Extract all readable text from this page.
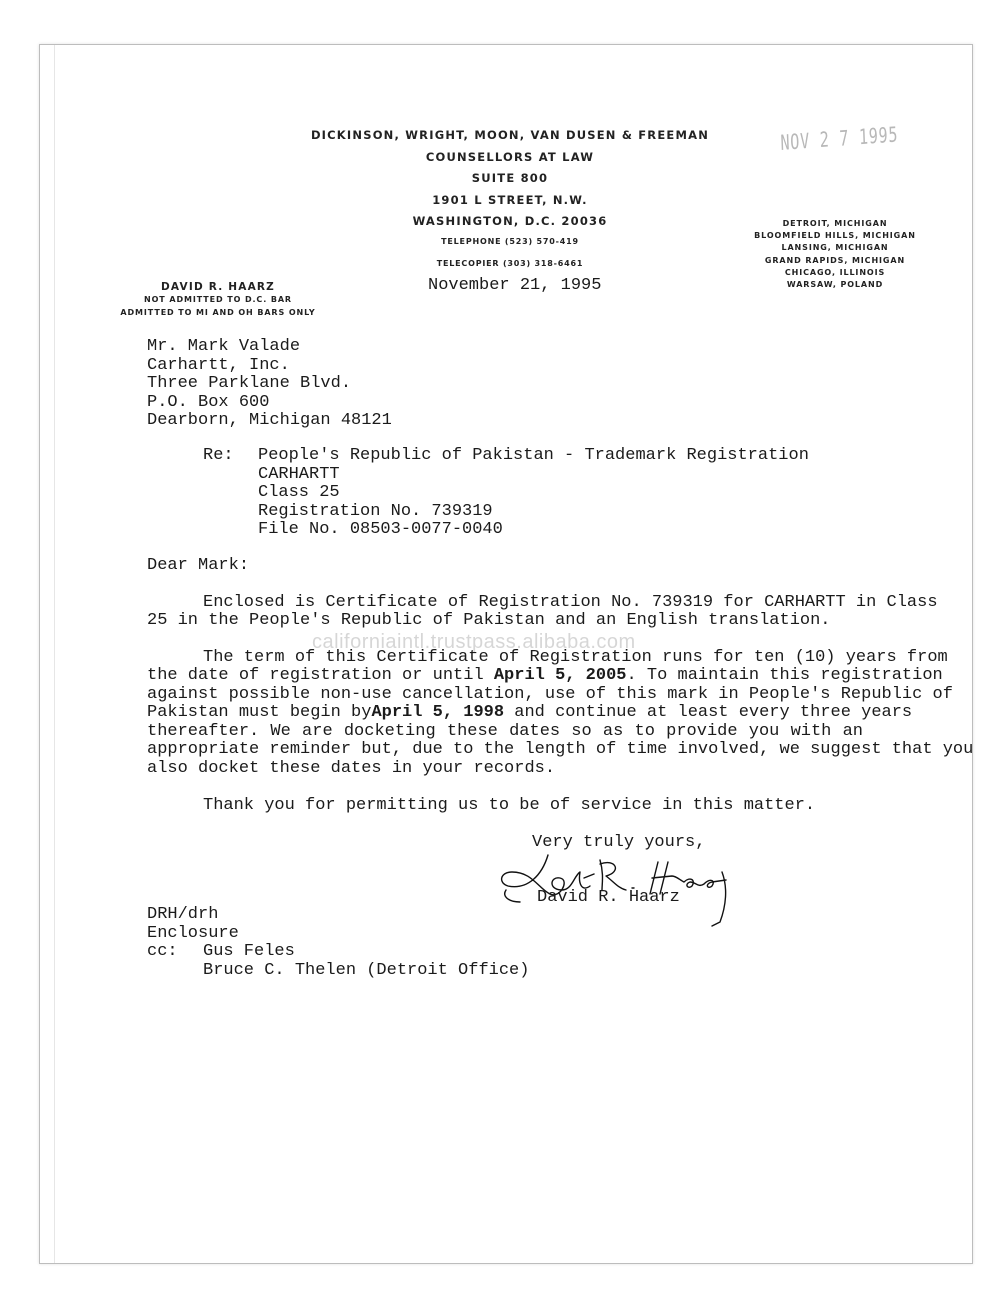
DICKINSON, WRIGHT, MOON, VAN DUSEN & FREEMAN
COUNSELLORS AT LAW
SUITE 800
1901 L STREET, N.W.
WASHINGTON, D.C. 20036
TELEPHONE (523) 570-419
TELECOPIER (303) 318-6461
NOV 2 7 1995
DETROIT, MICHIGAN
BLOOMFIELD HILLS, MICHIGAN
LANSING, MICHIGAN
GRAND RAPIDS, MICHIGAN
CHICAGO, ILLINOIS
WARSAW, POLAND
DAVID R. HAARZ
NOT ADMITTED TO D.C. BAR
ADMITTED TO MI AND OH BARS ONLY
November 21, 1995
Mr. Mark Valade
Carhartt, Inc.
Three Parklane Blvd.
P.O. Box 600
Dearborn, Michigan 48121
Re: People's Republic of Pakistan - Trademark Registration
CARHARTT
Class 25
Registration No. 739319
File No. 08503-0077-0040
Dear Mark:
Enclosed is Certificate of Registration No. 739319 for CARHARTT in Class
25 in the People's Republic of Pakistan and an English translation.
The term of this Certificate of Registration runs for ten (10) years from
the date of registration or until April 5, 2005. To maintain this registration
against possible non-use cancellation, use of this mark in People's Republic of
Pakistan must begin byApril 5, 1998 and continue at least every three years
thereafter. We are docketing these dates so as to provide you with an
appropriate reminder but, due to the length of time involved, we suggest that you
also docket these dates in your records.
Thank you for permitting us to be of service in this matter.
Very truly yours,
David R. Haarz
DRH/drh
Enclosure
cc: Gus Feles
Bruce C. Thelen (Detroit Office)
californiaintl.trustpass.alibaba.com
